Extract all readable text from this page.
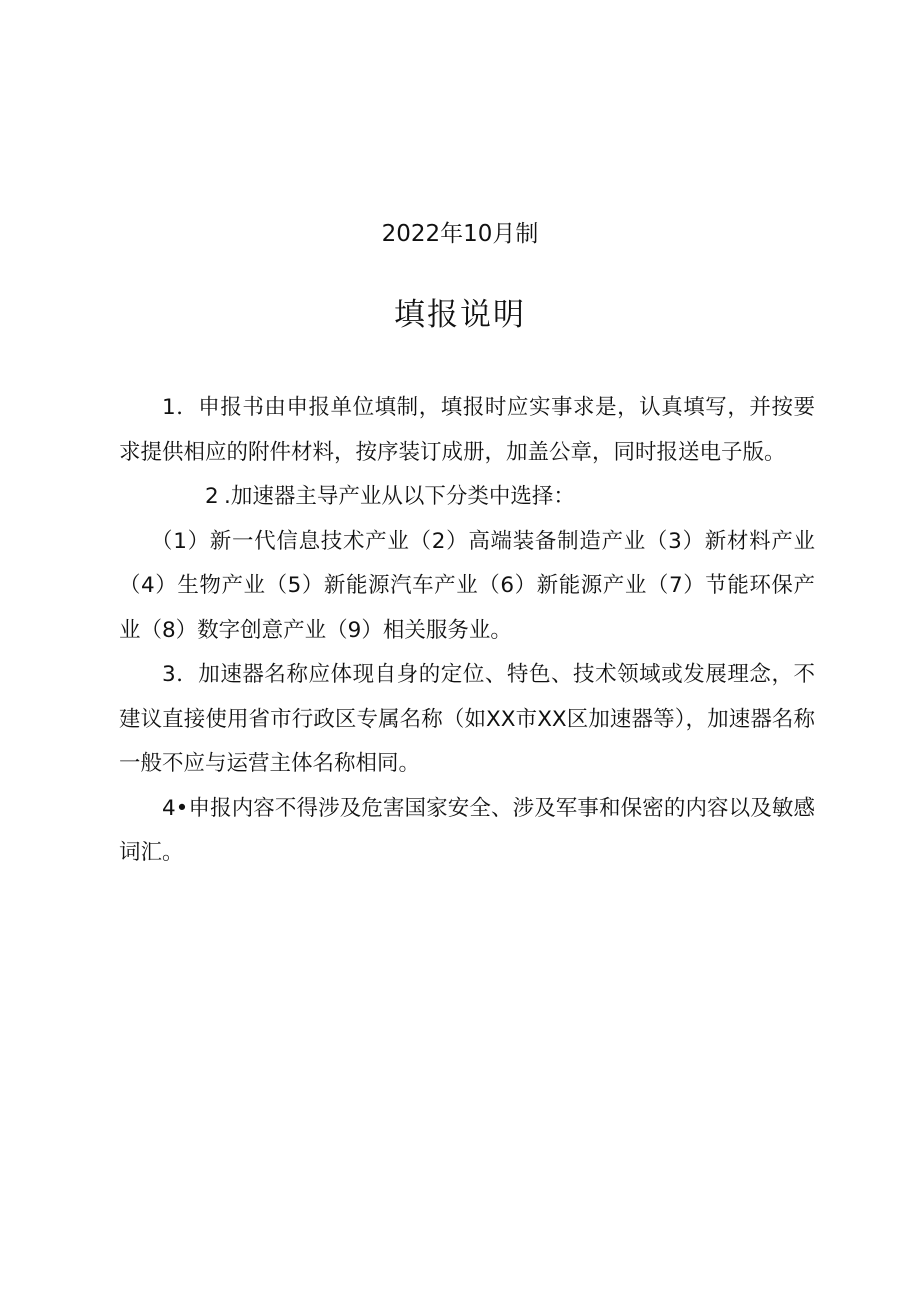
2022年10月制
填报说明

1．申报书由申报单位填制，填报时应实事求是，认真填写，并按要求提供相应的附件材料，按序装订成册，加盖公章，同时报送电子版。

2 .加速器主导产业从以下分类中选择：

（1）新一代信息技术产业（2）高端装备制造产业（3）新材料产业（4）生物产业（5）新能源汽车产业（6）新能源产业（7）节能环保产业（8）数字创意产业（9）相关服务业。

3．加速器名称应体现自身的定位、特色、技术领域或发展理念，不建议直接使用省市行政区专属名称（如XX市XX区加速器等），加速器名称一般不应与运营主体名称相同。

4•申报内容不得涉及危害国家安全、涉及军事和保密的内容以及敏感词汇。
